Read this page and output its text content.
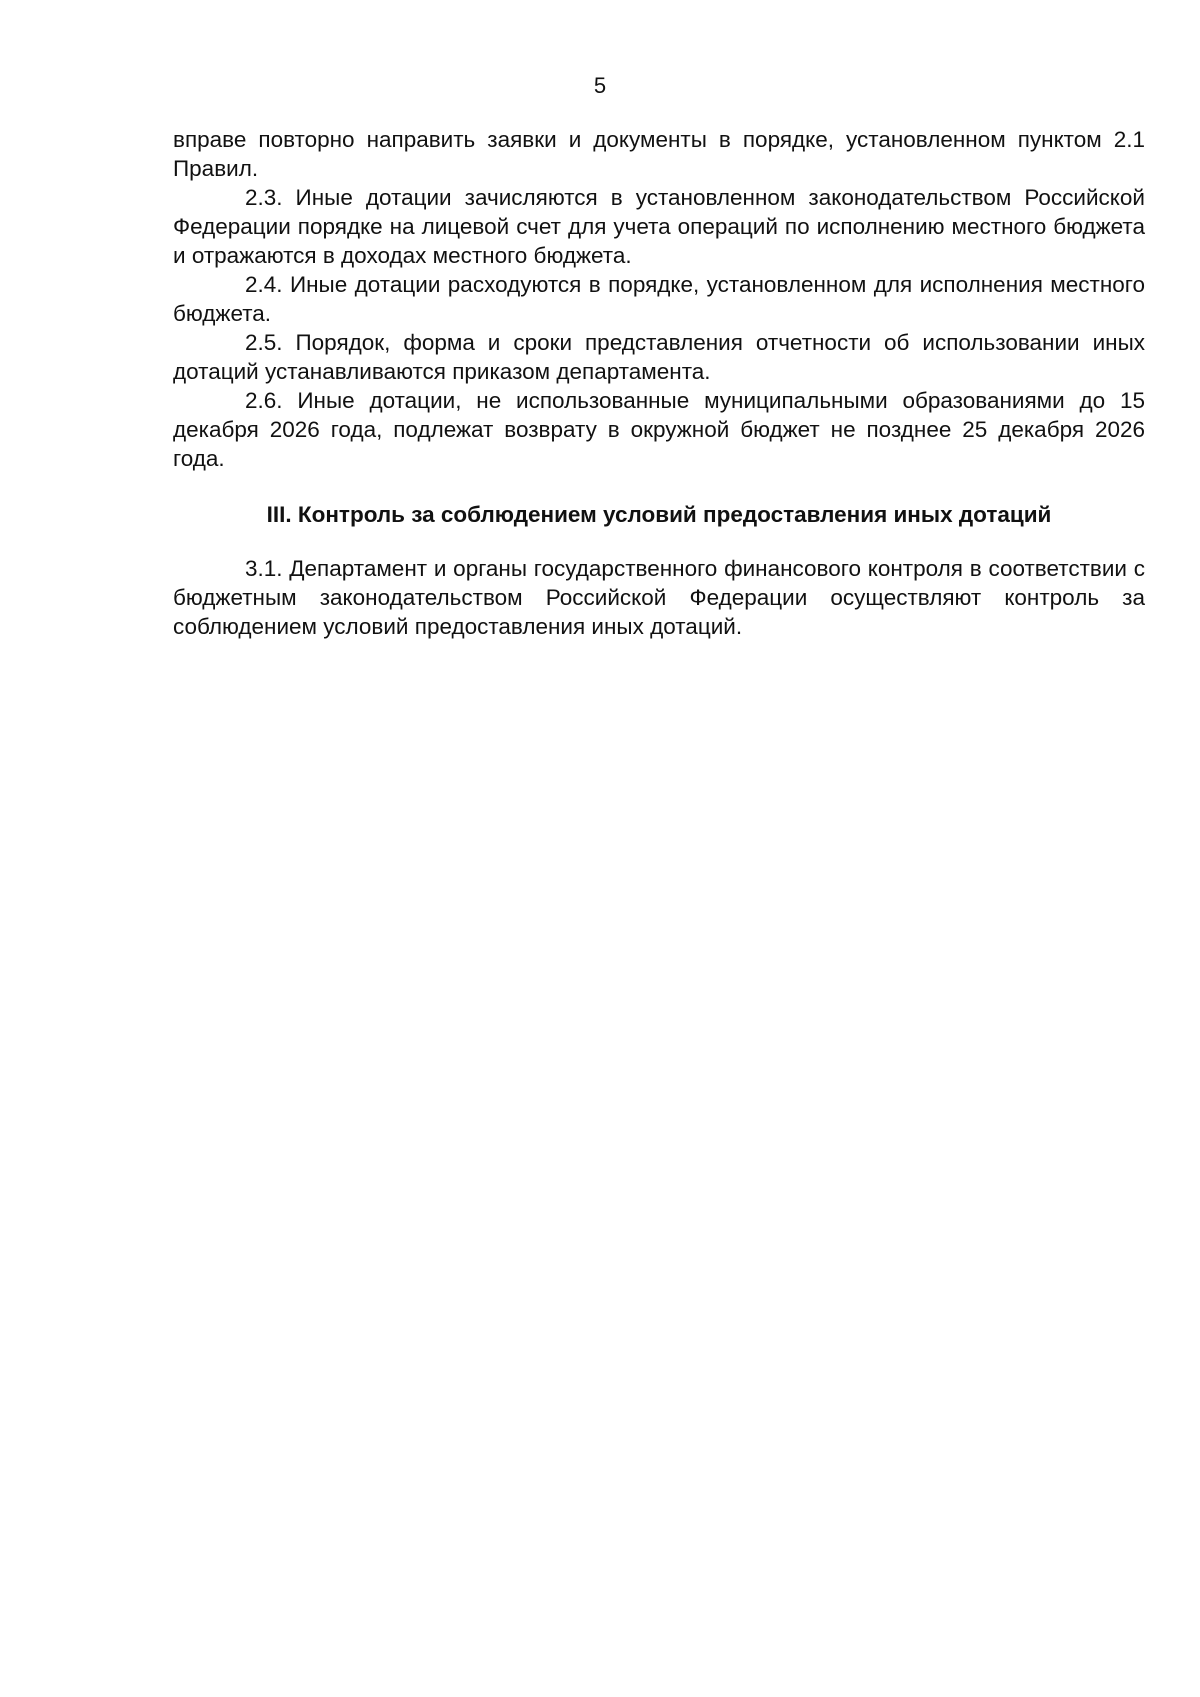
5

вправе повторно направить заявки и документы в порядке, установленном пунктом 2.1 Правил.

2.3. Иные дотации зачисляются в установленном законодательством Российской Федерации порядке на лицевой счет для учета операций по исполнению местного бюджета и отражаются в доходах местного бюджета.

2.4. Иные дотации расходуются в порядке, установленном для исполнения местного бюджета.

2.5. Порядок, форма и сроки представления отчетности об использовании иных дотаций устанавливаются приказом департамента.

2.6. Иные дотации, не использованные муниципальными образованиями до 15 декабря 2026 года, подлежат возврату в окружной бюджет не позднее 25 декабря 2026 года.

III. Контроль за соблюдением условий предоставления иных дотаций

3.1. Департамент и органы государственного финансового контроля в соответствии с бюджетным законодательством Российской Федерации осуществляют контроль за соблюдением условий предоставления иных дотаций.
